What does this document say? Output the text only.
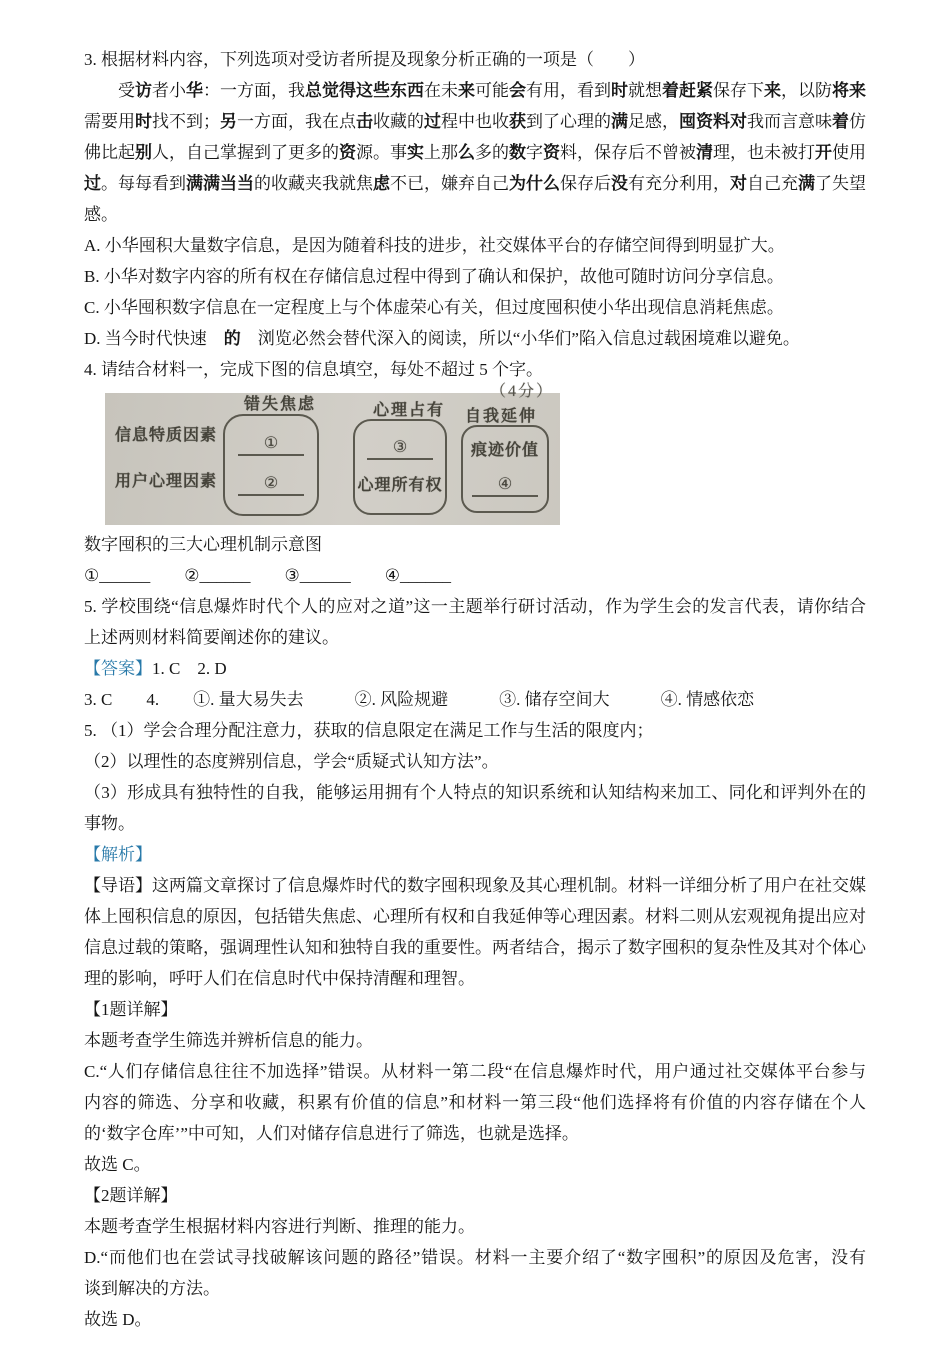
3. 根据材料内容，下列选项对受访者所提及现象分析正确的一项是（　　）

受访者小华：一方面，我总觉得这些东西在未来可能会有用，看到时就想着赶紧保存下来，以防将来
需要用时找不到；另一方面，我在点击收藏的过程中也收获到了心理的满足感，囤资料对我而言意味着仿
佛比起别人，自己掌握到了更多的资源。事实上那么多的数字资料，保存后不曾被清理，也未被打开使用
过。每每看到满满当当的收藏夹我就焦虑不已，嫌弃自己为什么保存后没有充分利用，对自己充满了失望
感。

A. 小华囤积大量数字信息，是因为随着科技的进步，社交媒体平台的存储空间得到明显扩大。

B. 小华对数字内容的所有权在存储信息过程中得到了确认和保护，故他可随时访问分享信息。

C. 小华囤积数字信息在一定程度上与个体虚荣心有关，但过度囤积使小华出现信息消耗焦虑。

D. 当今时代快速　的　浏览必然会替代深入的阅读，所以“小华们”陷入信息过载困境难以避免。

4. 请结合材料一，完成下图的信息填空，每处不超过 5 个字。

（4分）
错失焦虑	心理占有 自我延伸
信息特质因素
用户心理因素
①
②
③
心理所有权
痕迹价值
④

数字囤积的三大心理机制示意图

①______　　②______　　③______　　④______

5. 学校围绕“信息爆炸时代个人的应对之道”这一主题举行研讨活动，作为学生会的发言代表，请你结合
上述两则材料简要阐述你的建议。

【答案】1. C　2. D

3. C　　4.　　①. 量大易失去　　　②. 风险规避　　　③. 储存空间大　　　④. 情感依恋

5. （1）学会合理分配注意力，获取的信息限定在满足工作与生活的限度内；

（2）以理性的态度辨别信息，学会“质疑式认知方法”。

（3）形成具有独特性的自我，能够运用拥有个人特点的知识系统和认知结构来加工、同化和评判外在的
事物。

【解析】

【导语】这两篇文章探讨了信息爆炸时代的数字囤积现象及其心理机制。材料一详细分析了用户在社交媒
体上囤积信息的原因，包括错失焦虑、心理所有权和自我延伸等心理因素。材料二则从宏观视角提出应对
信息过载的策略，强调理性认知和独特自我的重要性。两者结合，揭示了数字囤积的复杂性及其对个体心
理的影响，呼吁人们在信息时代中保持清醒和理智。

【1题详解】

本题考查学生筛选并辨析信息的能力。

C.“人们存储信息往往不加选择”错误。从材料一第二段“在信息爆炸时代，用户通过社交媒体平台参与
内容的筛选、分享和收藏，积累有价值的信息”和材料一第三段“他们选择将有价值的内容存储在个人
的‘数字仓库’”中可知，人们对储存信息进行了筛选，也就是选择。

故选 C。

【2题详解】

本题考查学生根据材料内容进行判断、推理的能力。

D.“而他们也在尝试寻找破解该问题的路径”错误。材料一主要介绍了“数字囤积”的原因及危害，没有
谈到解决的方法。

故选 D。
